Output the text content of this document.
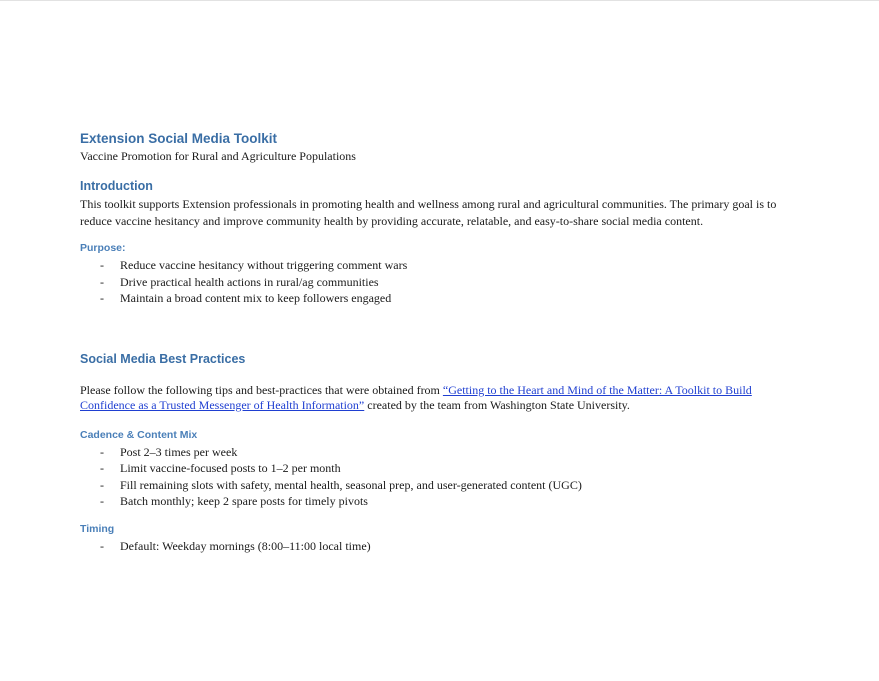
Extension Social Media Toolkit

Vaccine Promotion for Rural and Agriculture Populations

Introduction

This toolkit supports Extension professionals in promoting health and wellness among rural and agricultural communities. The primary goal is to reduce vaccine hesitancy and improve community health by providing accurate, relatable, and easy-to-share social media content.

Purpose:
- Reduce vaccine hesitancy without triggering comment wars
- Drive practical health actions in rural/ag communities
- Maintain a broad content mix to keep followers engaged
Social Media Best Practices

Please follow the following tips and best-practices that were obtained from “Getting to the Heart and Mind of the Matter: A Toolkit to Build Confidence as a Trusted Messenger of Health Information” created by the team from Washington State University.

Cadence & Content Mix
- Post 2–3 times per week
- Limit vaccine-focused posts to 1–2 per month
- Fill remaining slots with safety, mental health, seasonal prep, and user-generated content (UGC)
- Batch monthly; keep 2 spare posts for timely pivots
Timing
- Default: Weekday mornings (8:00–11:00 local time)
